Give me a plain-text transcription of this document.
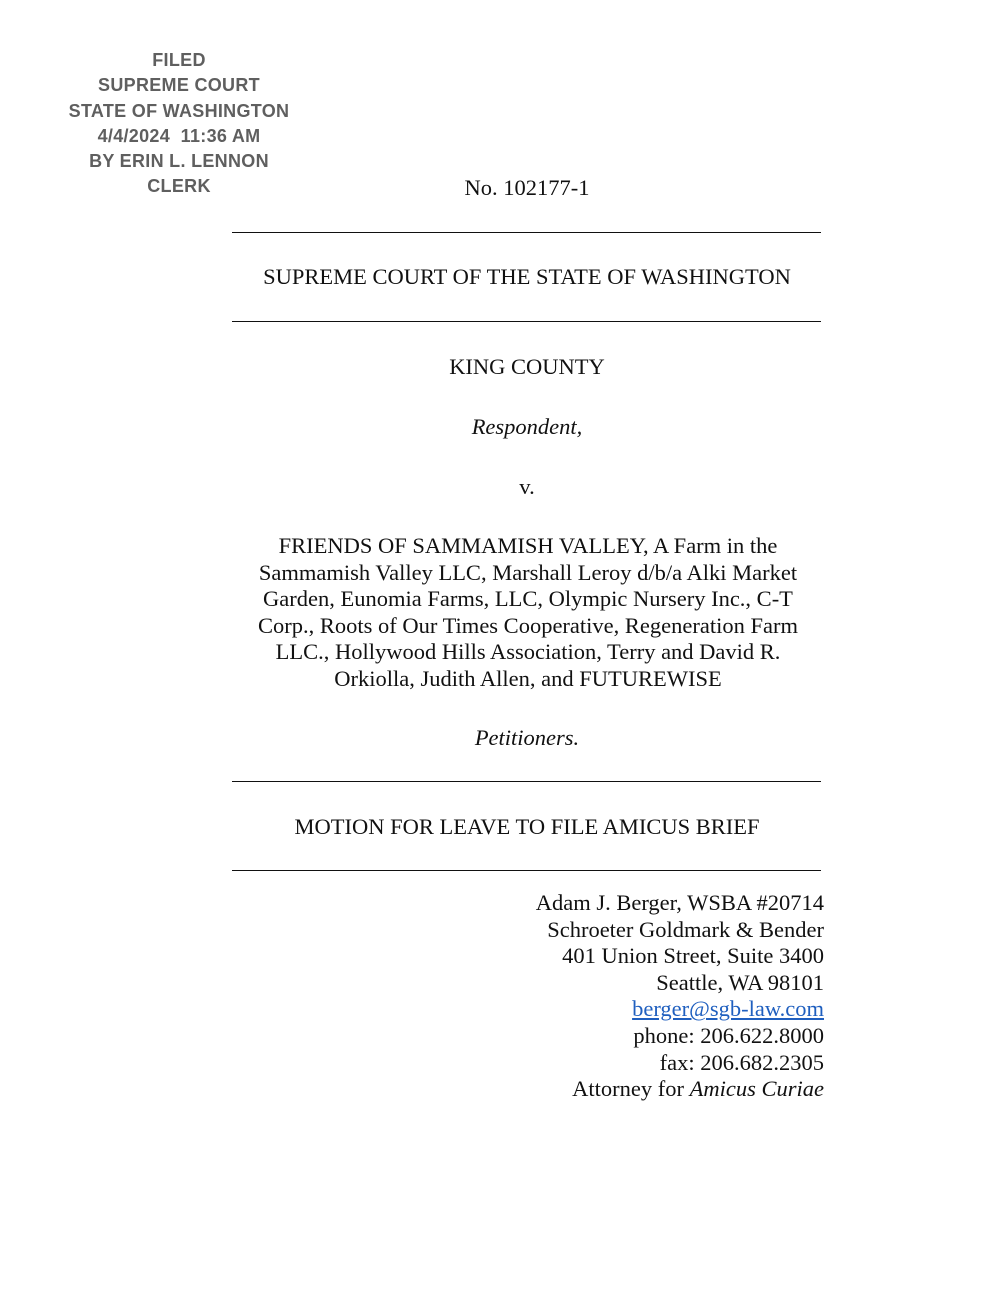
FILED
SUPREME COURT
STATE OF WASHINGTON
4/4/2024  11:36 AM
BY ERIN L. LENNON
CLERK	No. 102177-1
SUPREME COURT OF THE STATE OF WASHINGTON
KING COUNTY
Respondent,
v.
FRIENDS OF SAMMAMISH VALLEY, A Farm in the
Sammamish Valley LLC, Marshall Leroy d/b/a Alki Market
Garden, Eunomia Farms, LLC, Olympic Nursery Inc., C-T
Corp., Roots of Our Times Cooperative, Regeneration Farm
LLC., Hollywood Hills Association, Terry and David R.
Orkiolla, Judith Allen, and FUTUREWISE
Petitioners.
MOTION FOR LEAVE TO FILE AMICUS BRIEF
Adam J. Berger, WSBA #20714
Schroeter Goldmark & Bender
401 Union Street, Suite 3400
Seattle, WA 98101
berger@sgb-law.com
phone: 206.622.8000
fax: 206.682.2305
Attorney for Amicus Curiae
